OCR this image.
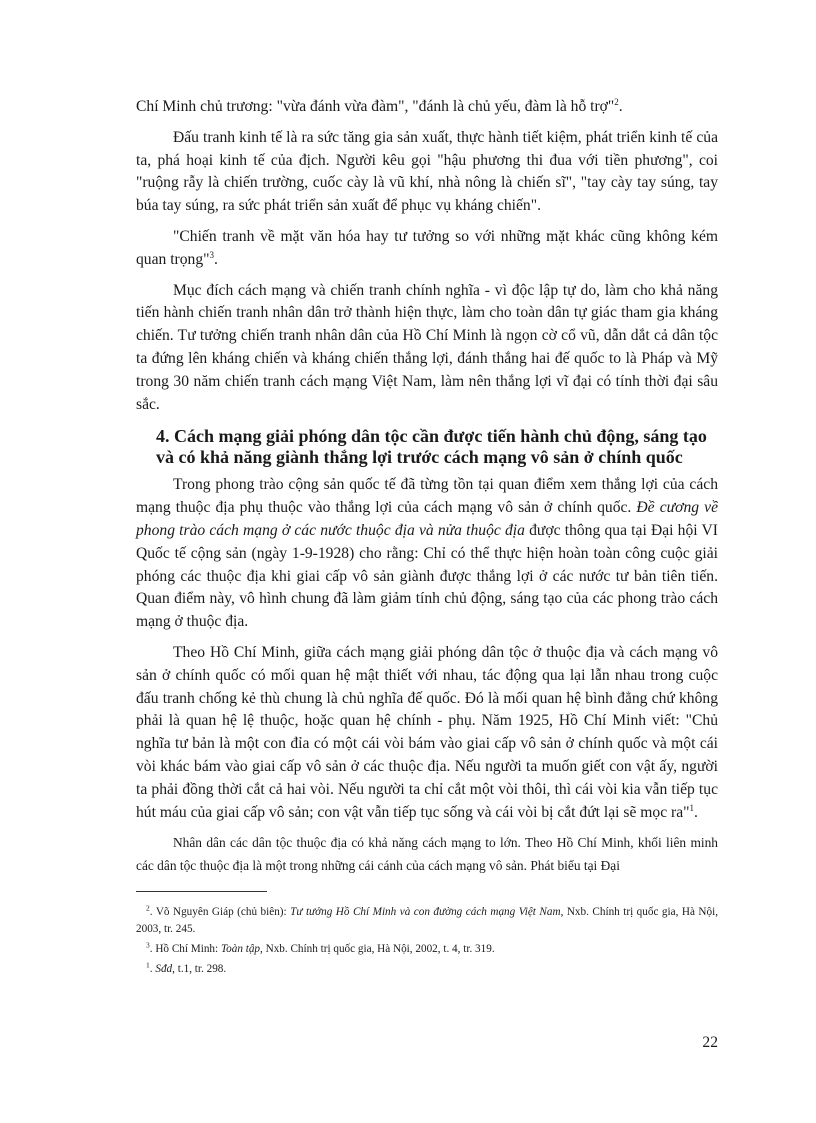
Chí Minh chủ trương: "vừa đánh vừa đàm", "đánh là chủ yếu, đàm là hỗ trợ"$^2$.

Đấu tranh kinh tế là ra sức tăng gia sản xuất, thực hành tiết kiệm, phát triển kinh tế của ta, phá hoại kinh tế của địch. Người kêu gọi "hậu phương thi đua với tiền phương", coi "ruộng rẫy là chiến trường, cuốc cày là vũ khí, nhà nông là chiến sĩ", "tay cày tay súng, tay búa tay súng, ra sức phát triển sản xuất để phục vụ kháng chiến".

"Chiến tranh về mặt văn hóa hay tư tưởng so với những mặt khác cũng không kém quan trọng"$^3$.

Mục đích cách mạng và chiến tranh chính nghĩa - vì độc lập tự do, làm cho khả năng tiến hành chiến tranh nhân dân trở thành hiện thực, làm cho toàn dân tự giác tham gia kháng chiến. Tư tưởng chiến tranh nhân dân của Hồ Chí Minh là ngọn cờ cổ vũ, dẫn dắt cả dân tộc ta đứng lên kháng chiến và kháng chiến thắng lợi, đánh thắng hai đế quốc to là Pháp và Mỹ trong 30 năm chiến tranh cách mạng Việt Nam, làm nên thắng lợi vĩ đại có tính thời đại sâu sắc.

4. Cách mạng giải phóng dân tộc cần được tiến hành chủ động, sáng tạo và có khả năng giành thắng lợi trước cách mạng vô sản ở chính quốc

Trong phong trào cộng sản quốc tế đã từng tồn tại quan điểm xem thắng lợi của cách mạng thuộc địa phụ thuộc vào thắng lợi của cách mạng vô sản ở chính quốc. Đề cương về phong trào cách mạng ở các nước thuộc địa và nửa thuộc địa được thông qua tại Đại hội VI Quốc tế cộng sản (ngày 1-9-1928) cho rằng: Chỉ có thể thực hiện hoàn toàn công cuộc giải phóng các thuộc địa khi giai cấp vô sản giành được thắng lợi ở các nước tư bản tiên tiến. Quan điểm này, vô hình chung đã làm giảm tính chủ động, sáng tạo của các phong trào cách mạng ở thuộc địa.

Theo Hồ Chí Minh, giữa cách mạng giải phóng dân tộc ở thuộc địa và cách mạng vô sản ở chính quốc có mối quan hệ mật thiết với nhau, tác động qua lại lẫn nhau trong cuộc đấu tranh chống kẻ thù chung là chủ nghĩa đế quốc. Đó là mối quan hệ bình đẳng chứ không phải là quan hệ lệ thuộc, hoặc quan hệ chính - phụ. Năm 1925, Hồ Chí Minh viết: "Chủ nghĩa tư bản là một con đỉa có một cái vòi bám vào giai cấp vô sản ở chính quốc và một cái vòi khác bám vào giai cấp vô sản ở các thuộc địa. Nếu người ta muốn giết con vật ấy, người ta phải đồng thời cắt cả hai vòi. Nếu người ta chỉ cắt một vòi thôi, thì cái vòi kia vẫn tiếp tục hút máu của giai cấp vô sản; con vật vẫn tiếp tục sống và cái vòi bị cắt đứt lại sẽ mọc ra"$^1$.

Nhân dân các dân tộc thuộc địa có khả năng cách mạng to lớn. Theo Hồ Chí Minh, khối liên minh các dân tộc thuộc địa là một trong những cái cánh của cách mạng vô sản. Phát biểu tại Đại

$^2$. Võ Nguyên Giáp (chủ biên): Tư tưởng Hồ Chí Minh và con đường cách mạng Việt Nam, Nxb. Chính trị quốc gia, Hà Nội, 2003, tr. 245.
$^3$. Hồ Chí Minh: Toàn tập, Nxb. Chính trị quốc gia, Hà Nội, 2002, t. 4, tr. 319.
$^1$. Sđd, t.1, tr. 298.
22
